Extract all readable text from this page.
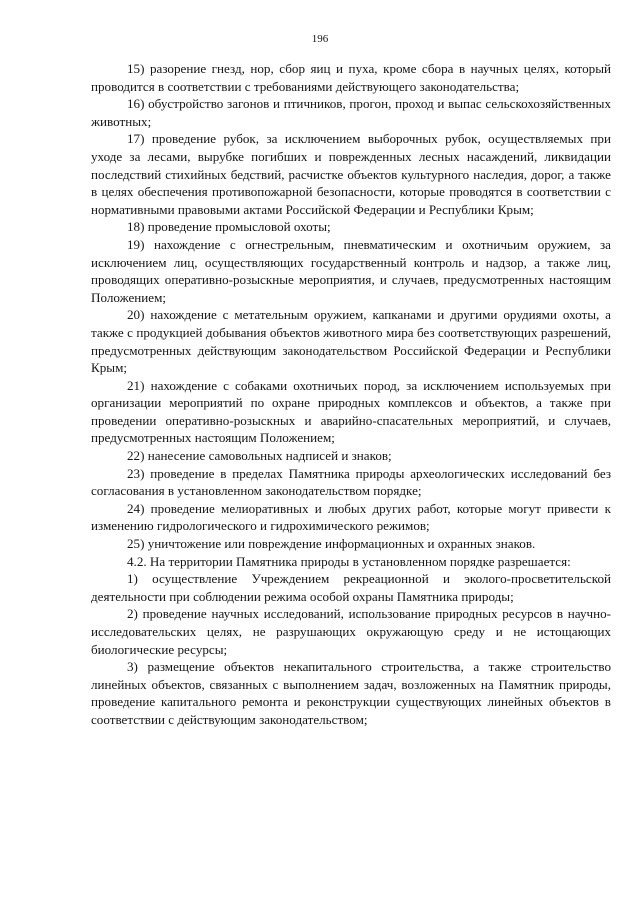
196

15) разорение гнезд, нор, сбор яиц и пуха, кроме сбора в научных целях, который проводится в соответствии с требованиями действующего законодательства;

16) обустройство загонов и птичников, прогон, проход и выпас сельскохозяйственных животных;

17) проведение рубок, за исключением выборочных рубок, осуществляемых при уходе за лесами, вырубке погибших и поврежденных лесных насаждений, ликвидации последствий стихийных бедствий, расчистке объектов культурного наследия, дорог, а также в целях обеспечения противопожарной безопасности, которые проводятся в соответствии с нормативными правовыми актами Российской Федерации и Республики Крым;

18) проведение промысловой охоты;

19) нахождение с огнестрельным, пневматическим и охотничьим оружием, за исключением лиц, осуществляющих государственный контроль и надзор, а также лиц, проводящих оперативно-розыскные мероприятия, и случаев, предусмотренных настоящим Положением;

20) нахождение с метательным оружием, капканами и другими орудиями охоты, а также с продукцией добывания объектов животного мира без соответствующих разрешений, предусмотренных действующим законодательством Российской Федерации и Республики Крым;

21) нахождение с собаками охотничьих пород, за исключением используемых при организации мероприятий по охране природных комплексов и объектов, а также при проведении оперативно-розыскных и аварийно-спасательных мероприятий, и случаев, предусмотренных настоящим Положением;

22) нанесение самовольных надписей и знаков;

23) проведение в пределах Памятника природы археологических исследований без согласования в установленном законодательством порядке;

24) проведение мелиоративных и любых других работ, которые могут привести к изменению гидрологического и гидрохимического режимов;

25) уничтожение или повреждение информационных и охранных знаков.

4.2. На территории Памятника природы в установленном порядке разрешается:

1) осуществление Учреждением рекреационной и эколого-просветительской деятельности при соблюдении режима особой охраны Памятника природы;

2) проведение научных исследований, использование природных ресурсов в научно-исследовательских целях, не разрушающих окружающую среду и не истощающих биологические ресурсы;

3) размещение объектов некапитального строительства, а также строительство линейных объектов, связанных с выполнением задач, возложенных на Памятник природы, проведение капитального ремонта и реконструкции существующих линейных объектов в соответствии с действующим законодательством;
